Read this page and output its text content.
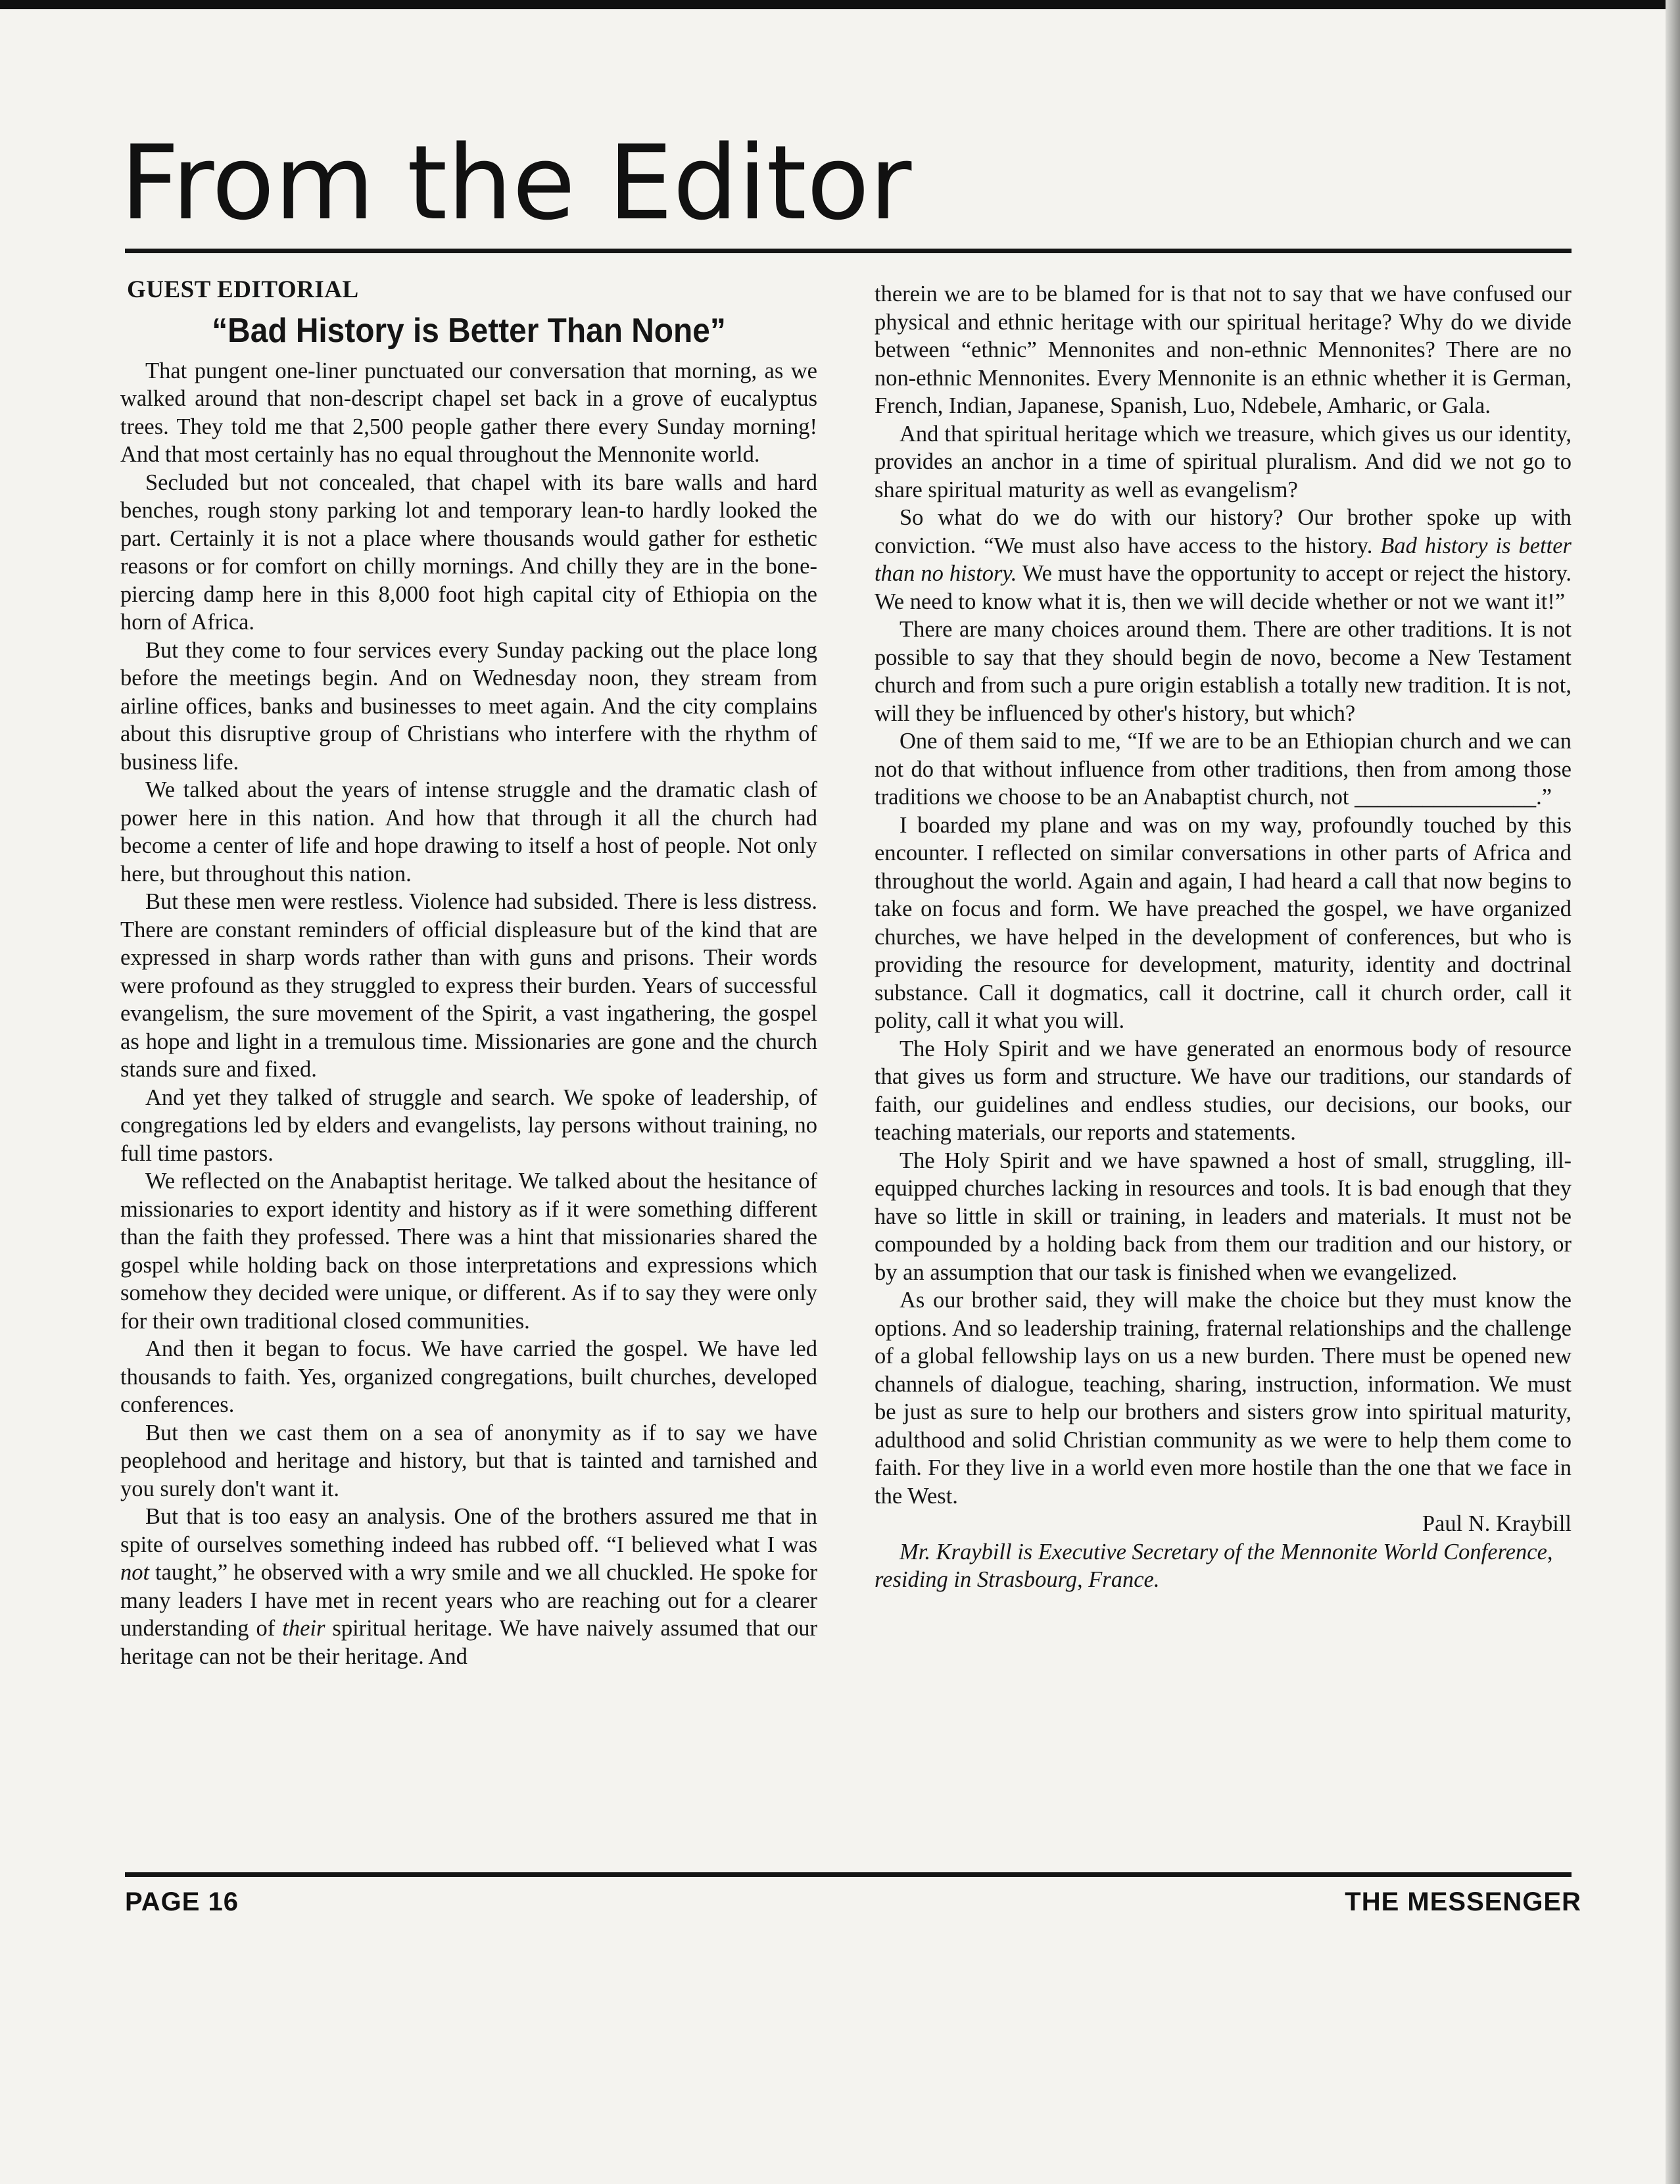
From the Editor
GUEST EDITORIAL
“Bad History is Better Than None”

That pungent one-liner punctuated our conversation that morning, as we walked around that non-descript chapel set back in a grove of eucalyptus trees. They told me that 2,500 people gather there every Sunday morning! And that most certainly has no equal throughout the Mennonite world.

Secluded but not concealed, that chapel with its bare walls and hard benches, rough stony parking lot and temporary lean-to hardly looked the part. Certainly it is not a place where thousands would gather for esthetic reasons or for comfort on chilly mornings. And chilly they are in the bone-piercing damp here in this 8,000 foot high capital city of Ethiopia on the horn of Africa.

But they come to four services every Sunday packing out the place long before the meetings begin. And on Wednesday noon, they stream from airline offices, banks and businesses to meet again. And the city complains about this disruptive group of Christians who interfere with the rhythm of business life.

We talked about the years of intense struggle and the dramatic clash of power here in this nation. And how that through it all the church had become a center of life and hope drawing to itself a host of people. Not only here, but throughout this nation.

But these men were restless. Violence had subsided. There is less distress. There are constant reminders of official displeasure but of the kind that are expressed in sharp words rather than with guns and prisons. Their words were profound as they struggled to express their burden. Years of successful evangelism, the sure movement of the Spirit, a vast ingathering, the gospel as hope and light in a tremulous time. Missionaries are gone and the church stands sure and fixed.

And yet they talked of struggle and search. We spoke of leadership, of congregations led by elders and evangelists, lay persons without training, no full time pastors.

We reflected on the Anabaptist heritage. We talked about the hesitance of missionaries to export identity and history as if it were something different than the faith they professed. There was a hint that missionaries shared the gospel while holding back on those interpretations and expressions which somehow they decided were unique, or different. As if to say they were only for their own traditional closed communities.

And then it began to focus. We have carried the gospel. We have led thousands to faith. Yes, organized congregations, built churches, developed conferences.

But then we cast them on a sea of anonymity as if to say we have peoplehood and heritage and history, but that is tainted and tarnished and you surely don't want it.

But that is too easy an analysis. One of the brothers assured me that in spite of ourselves something indeed has rubbed off. “I believed what I was not taught,” he observed with a wry smile and we all chuckled. He spoke for many leaders I have met in recent years who are reaching out for a clearer understanding of their spiritual heritage. We have naively assumed that our heritage can not be their heritage. And

therein we are to be blamed for is that not to say that we have confused our physical and ethnic heritage with our spiritual heritage? Why do we divide between “ethnic” Mennonites and non-ethnic Mennonites? There are no non-ethnic Mennonites. Every Mennonite is an ethnic whether it is German, French, Indian, Japanese, Spanish, Luo, Ndebele, Amharic, or Gala.

And that spiritual heritage which we treasure, which gives us our identity, provides an anchor in a time of spiritual pluralism. And did we not go to share spiritual maturity as well as evangelism?

So what do we do with our history? Our brother spoke up with conviction. “We must also have access to the history. Bad history is better than no history. We must have the opportunity to accept or reject the history. We need to know what it is, then we will decide whether or not we want it!”

There are many choices around them. There are other traditions. It is not possible to say that they should begin de novo, become a New Testament church and from such a pure origin establish a totally new tradition. It is not, will they be influenced by other's history, but which?

One of them said to me, “If we are to be an Ethiopian church and we can not do that without influence from other traditions, then from among those traditions we choose to be an Anabaptist church, not ________________.”

I boarded my plane and was on my way, profoundly touched by this encounter. I reflected on similar conversations in other parts of Africa and throughout the world. Again and again, I had heard a call that now begins to take on focus and form. We have preached the gospel, we have organized churches, we have helped in the development of conferences, but who is providing the resource for development, maturity, identity and doctrinal substance. Call it dogmatics, call it doctrine, call it church order, call it polity, call it what you will.

The Holy Spirit and we have generated an enormous body of resource that gives us form and structure. We have our traditions, our standards of faith, our guidelines and endless studies, our decisions, our books, our teaching materials, our reports and statements.

The Holy Spirit and we have spawned a host of small, struggling, ill-equipped churches lacking in resources and tools. It is bad enough that they have so little in skill or training, in leaders and materials. It must not be compounded by a holding back from them our tradition and our history, or by an assumption that our task is finished when we evangelized.

As our brother said, they will make the choice but they must know the options. And so leadership training, fraternal relationships and the challenge of a global fellowship lays on us a new burden. There must be opened new channels of dialogue, teaching, sharing, instruction, information. We must be just as sure to help our brothers and sisters grow into spiritual maturity, adulthood and solid Christian community as we were to help them come to faith. For they live in a world even more hostile than the one that we face in the West.

Paul N. Kraybill

Mr. Kraybill is Executive Secretary of the Mennonite World Conference, residing in Strasbourg, France.

PAGE 16	THE MESSENGER
